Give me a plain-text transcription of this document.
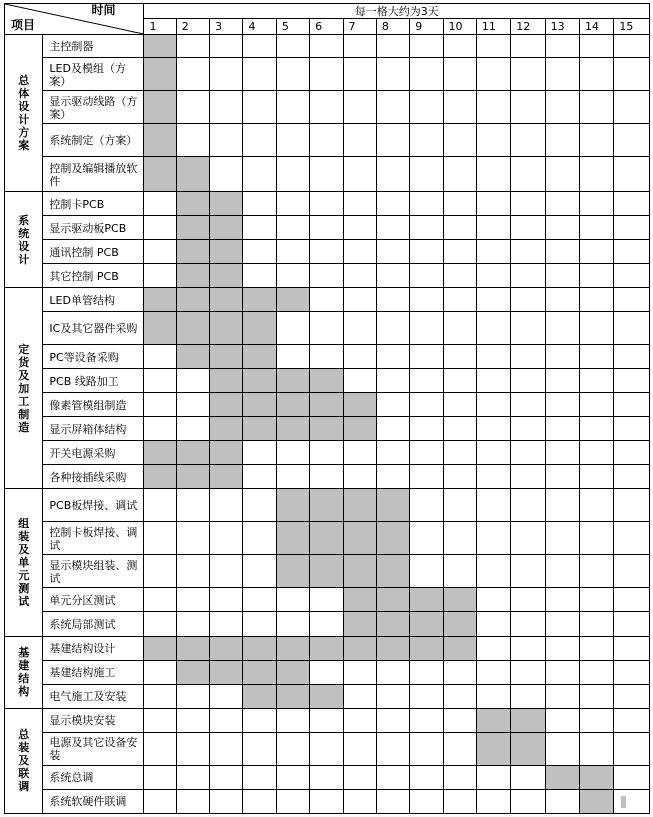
时间
项目		每一格大约为3天														
		1	2	3	4	5	6	7	8	9	10	11	12	13	14	15

总体设计方案	主控制器															
	LED及模组（方案）															
	显示驱动线路（方案）															
	系统制定（方案）															
	控制及编辑播放软件															

系统设计	控制卡PCB															
	显示驱动板PCB															
	通讯控制 PCB															
	其它控制 PCB															

定货及加工制造	LED单管结构															
	IC及其它器件采购															
	PC等设备采购															
	PCB 线路加工															
	像素管模组制造															
	显示屏箱体结构															
	开关电源采购															
	各种接插线采购															

组装及单元测试	PCB板焊接、调试															
	控制卡板焊接、调试															
	显示模块组装、测试															
	单元分区测试															
	系统局部测试															

基建结构	基建结构设计															
	基建结构施工															
	电气施工及安装															

总装及联调	显示模块安装															
	电源及其它设备安装															
	系统总调															
	系统软硬件联调															
